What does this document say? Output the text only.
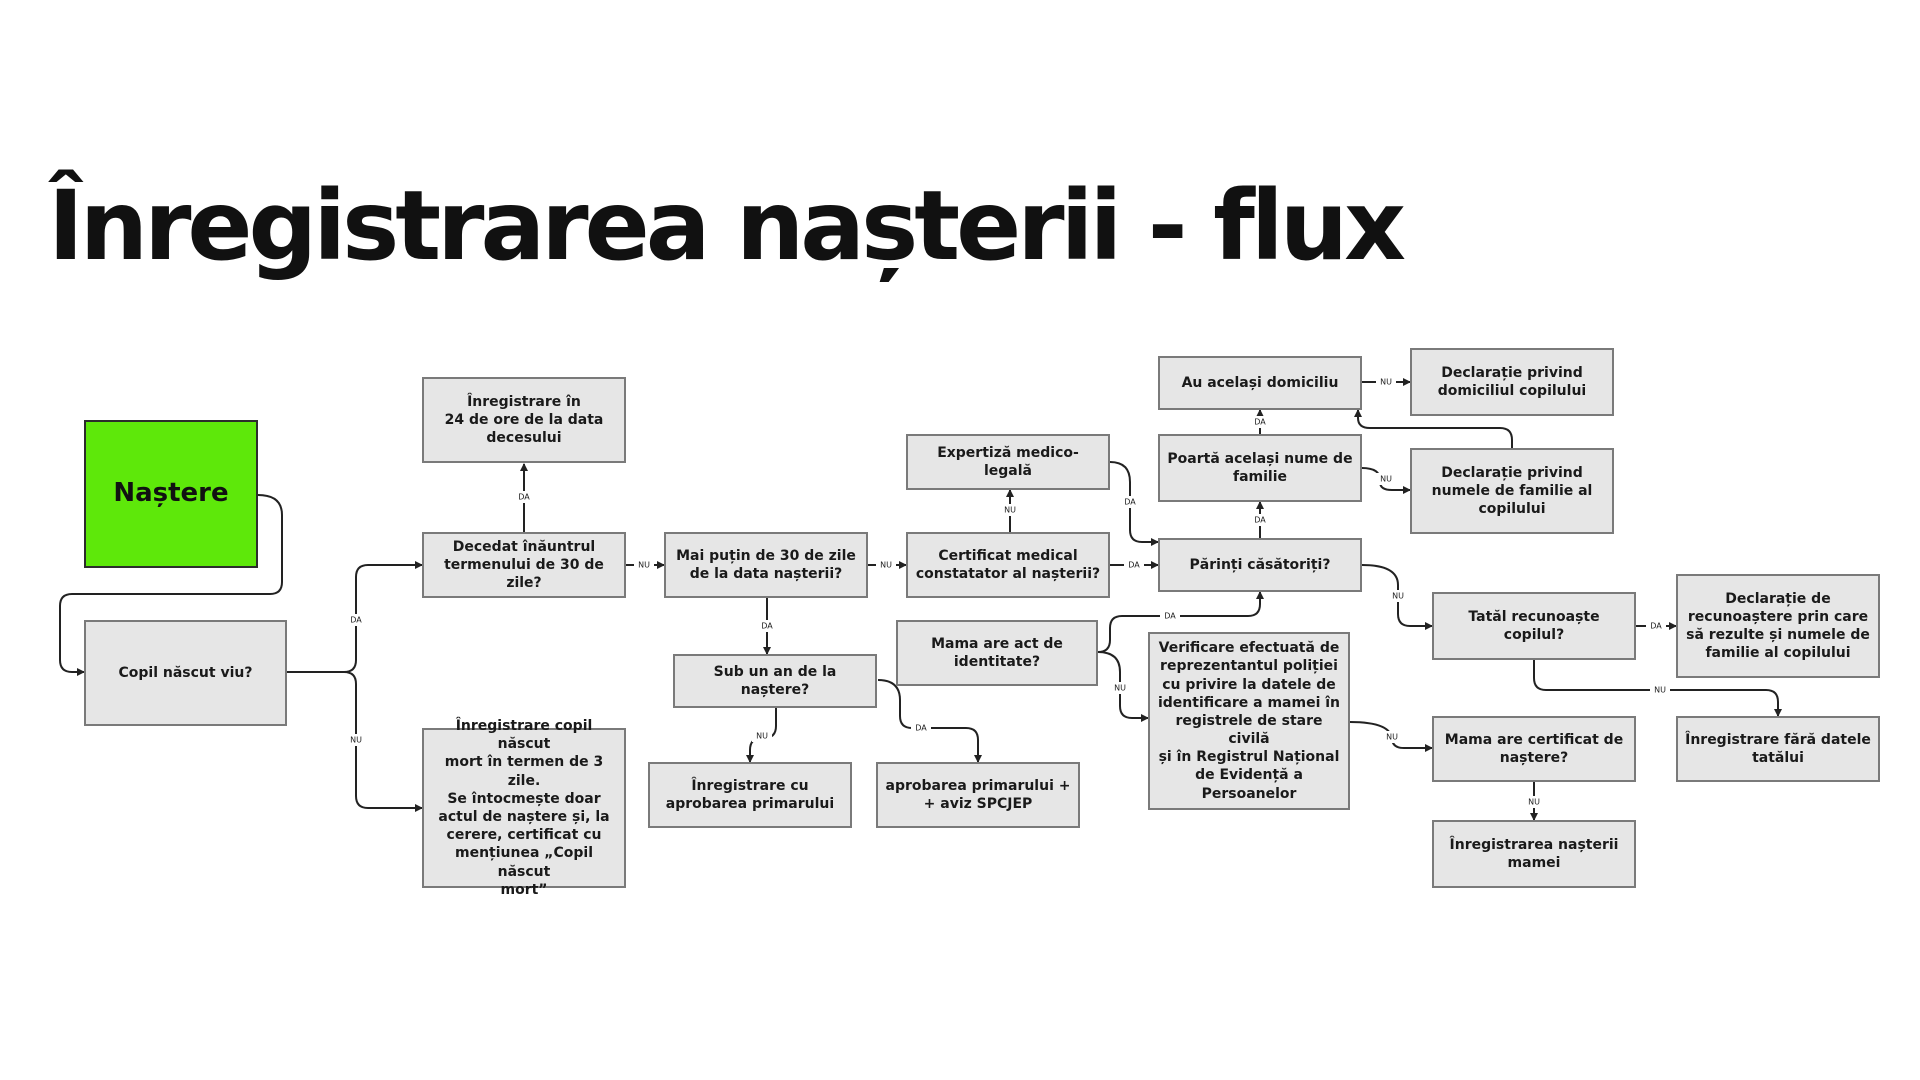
Înregistrarea nașterii - flux
DA
NU
DA
NU
DA
NU
DA
NU
NU
DA
DA
DA
NU
DA
DA
NU
NU
NU
DA
NU
NU
NU
Naștere
Copil născut viu?
Decedat înăuntrul
termenului de 30 de zile?
Înregistrare în
24 de ore de la data
decesului
Înregistrare copil născut
mort în termen de 3 zile.
Se întocmește doar
actul de naștere și, la
cerere, certificat cu
mențiunea „Copil născut
mort”
Mai puțin de 30 de zile
de la data nașterii?
Sub un an de la naștere?
Înregistrare cu
aprobarea primarului
aprobarea primarului +
+ aviz SPCJEP
Certificat medical
constatator al nașterii?
Expertiză medico-legală
Mama are act de
identitate?
Verificare efectuată de
reprezentantul poliției
cu privire la datele de
identificare a mamei în
registrele de stare civilă
și în Registrul Național
de Evidență a
Persoanelor
Părinți căsătoriți?
Poartă același nume de
familie
Au același domiciliu
Declarație privind
domiciliul copilului
Declarație privind
numele de familie al
copilului
Tatăl recunoaște
copilul?
Declarație de
recunoaștere prin care
să rezulte și numele de
familie al copilului
Înregistrare fără datele
tatălui
Mama are certificat de
naștere?
Înregistrarea nașterii
mamei
